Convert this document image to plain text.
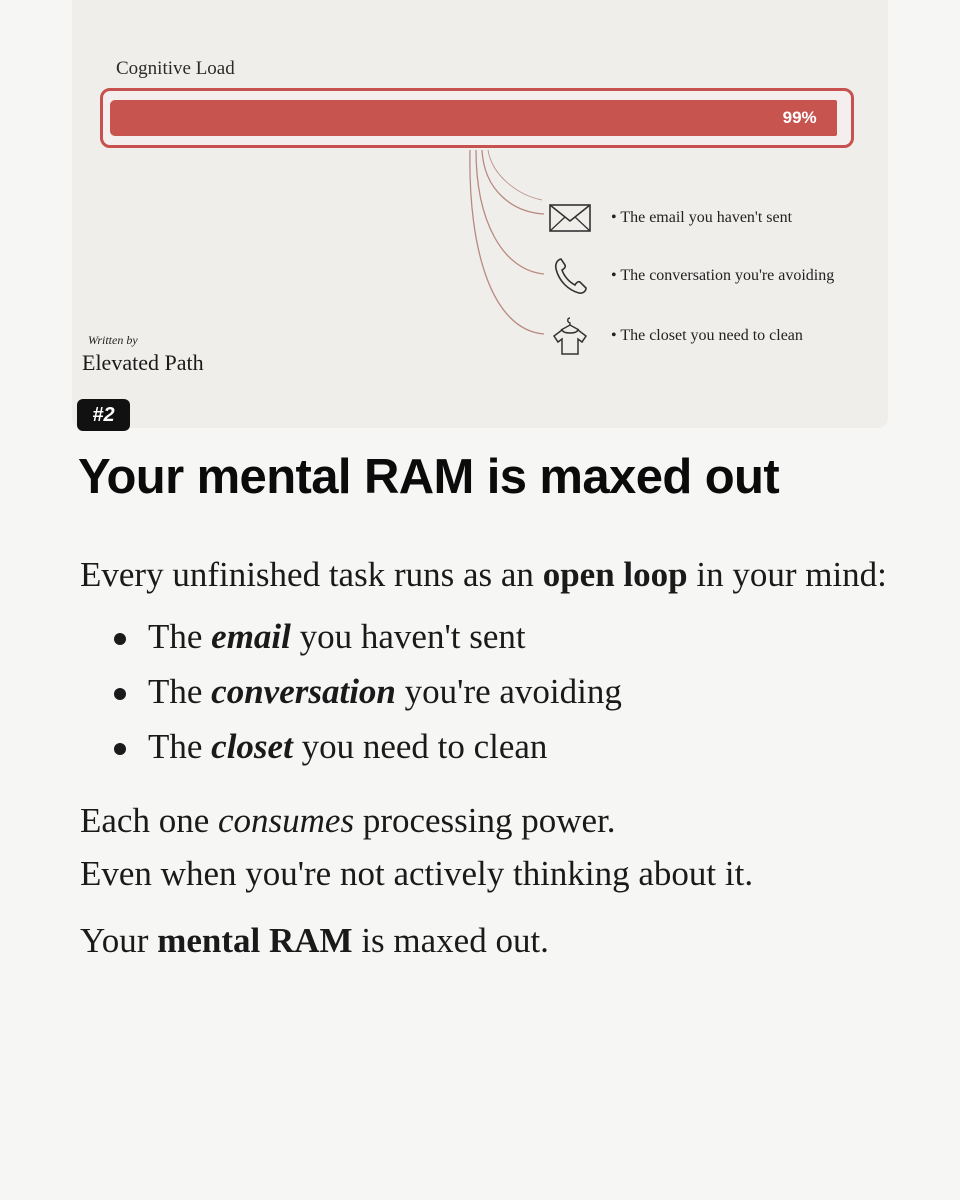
Cognitive Load
99%
• The email you haven't sent
• The conversation you're avoiding
• The closet you need to clean
Written by
Elevated Path
#2
Your mental RAM is maxed out

Every unfinished task runs as an open loop in your mind:

The email you haven't sent
The conversation you're avoiding
The closet you need to clean

Each one consumes processing power.
Even when you're not actively thinking about it.

Your mental RAM is maxed out.
